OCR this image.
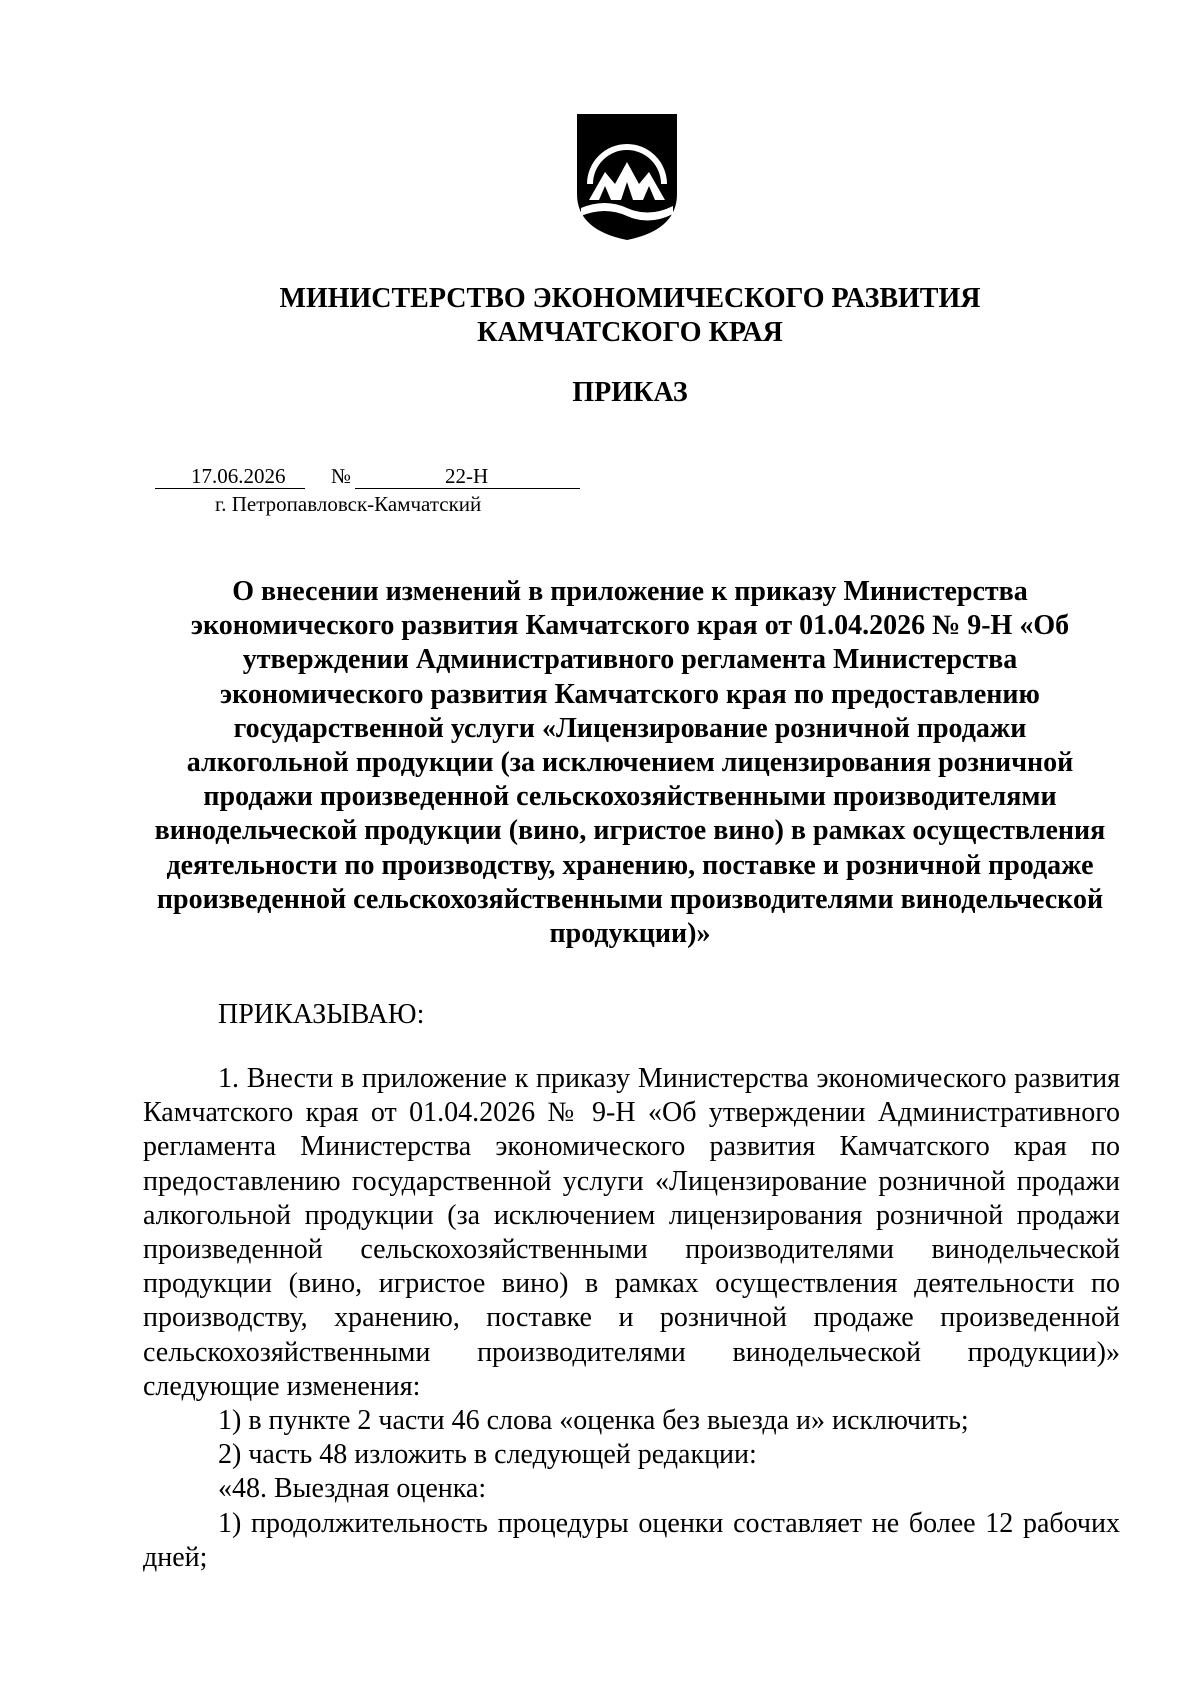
МИНИСТЕРСТВО ЭКОНОМИЧЕСКОГО РАЗВИТИЯ
КАМЧАТСКОГО КРАЯ

ПРИКАЗ

17.06.2026 №	22-Н
г. Петропавловск-Камчатский

О внесении изменений в приложение к приказу Министерства экономического развития Камчатского края от 01.04.2026 № 9-Н «Об утверждении Административного регламента Министерства экономического развития Камчатского края по предоставлению государственной услуги «Лицензирование розничной продажи алкогольной продукции (за исключением лицензирования розничной продажи произведенной сельскохозяйственными производителями винодельческой продукции (вино, игристое вино) в рамках осуществления деятельности по производству, хранению, поставке и розничной продаже произведенной сельскохозяйственными производителями винодельческой продукции)»

ПРИКАЗЫВАЮ:

1. Внести в приложение к приказу Министерства экономического развития Камчатского края от 01.04.2026 № 9-Н «Об утверждении Административного регламента Министерства экономического развития Камчатского края по предоставлению государственной услуги «Лицензирование розничной продажи алкогольной продукции (за исключением лицензирования розничной продажи произведенной сельскохозяйственными производителями винодельческой продукции (вино, игристое вино) в рамках осуществления деятельности по производству, хранению, поставке и розничной продаже произведенной сельскохозяйственными производителями винодельческой продукции)» следующие изменения:

1) в пункте 2 части 46 слова «оценка без выезда и» исключить;

2) часть 48 изложить в следующей редакции:

«48. Выездная оценка:

1) продолжительность процедуры оценки составляет не более 12 рабочих дней;
